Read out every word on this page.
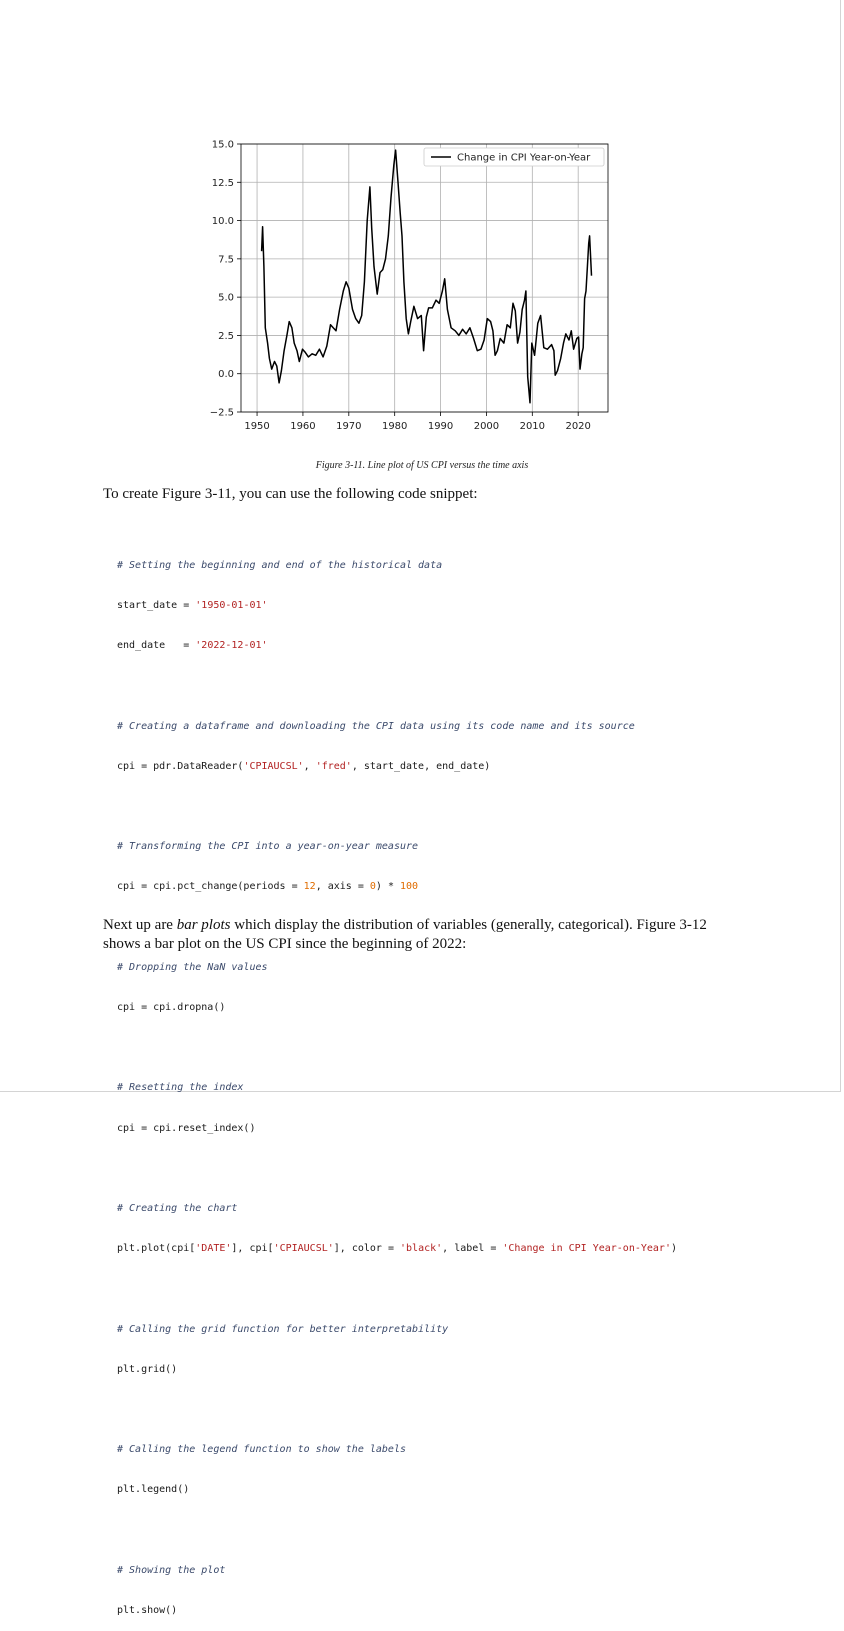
1950 1960 1970 1980 1990 2000 2010 2020
−2.5
0.0
2.5
5.0
7.5
10.0
12.5
15.0
Change in CPI Year-on-Year
Figure 3-11. Line plot of US CPI versus the time axis
To create Figure 3-11, you can use the following code snippet:

# Setting the beginning and end of the historical data

start_date = '1950-01-01'

end_date   = '2022-12-01'

# Creating a dataframe and downloading the CPI data using its code name and its source

cpi = pdr.DataReader('CPIAUCSL', 'fred', start_date, end_date)

# Transforming the CPI into a year-on-year measure

cpi = cpi.pct_change(periods = 12, axis = 0) * 100

# Dropping the NaN values

cpi = cpi.dropna()

# Resetting the index

cpi = cpi.reset_index()

# Creating the chart

plt.plot(cpi['DATE'], cpi['CPIAUCSL'], color = 'black', label = 'Change in CPI Year-on-Year')

# Calling the grid function for better interpretability

plt.grid()

# Calling the legend function to show the labels

plt.legend()

# Showing the plot

plt.show()

Next up are bar plots which display the distribution of variables (generally, categorical). Figure 3-12 shows a bar plot on the US CPI since the beginning of 2022:
